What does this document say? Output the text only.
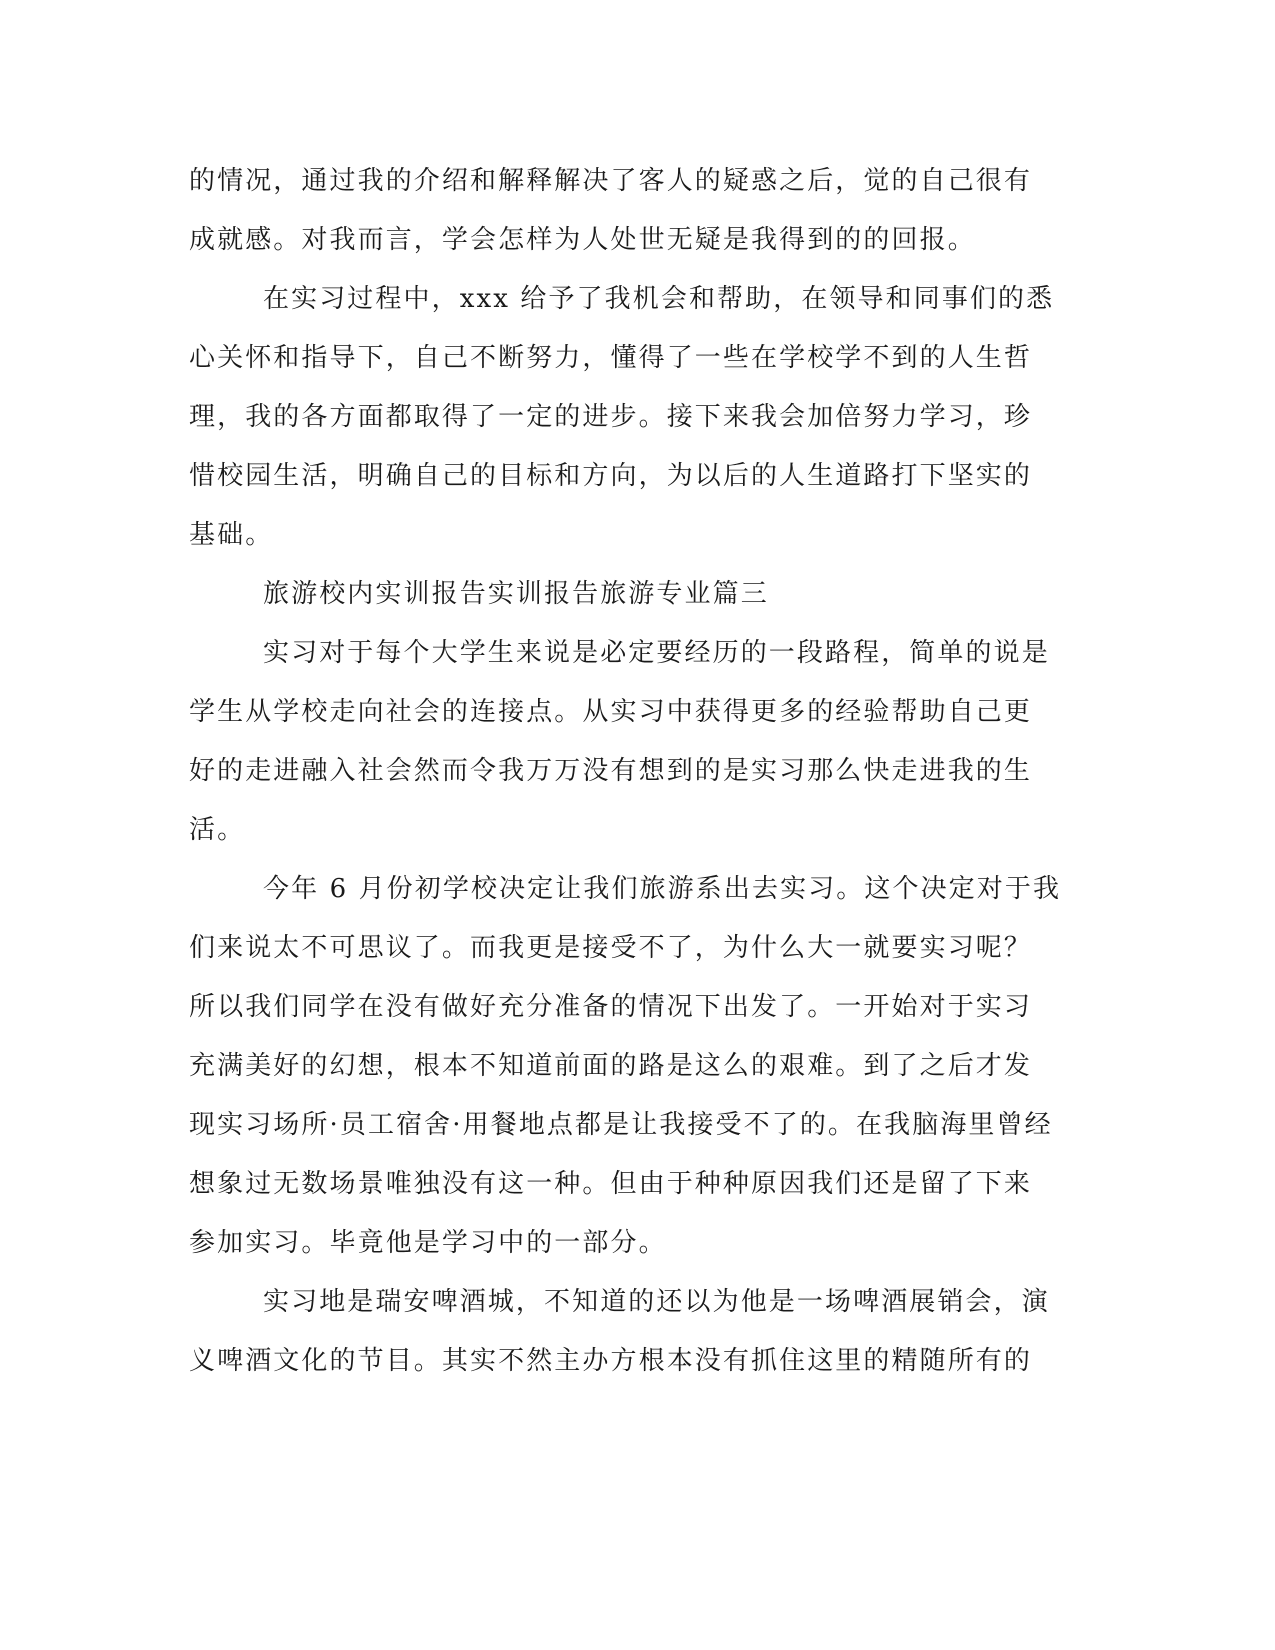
的情况，通过我的介绍和解释解决了客人的疑惑之后，觉的自己很有
成就感。对我而言，学会怎样为人处世无疑是我得到的的回报。
在实习过程中，xxx 给予了我机会和帮助，在领导和同事们的悉
心关怀和指导下，自己不断努力，懂得了一些在学校学不到的人生哲
理，我的各方面都取得了一定的进步。接下来我会加倍努力学习，珍
惜校园生活，明确自己的目标和方向，为以后的人生道路打下坚实的
基础。
旅游校内实训报告实训报告旅游专业篇三
实习对于每个大学生来说是必定要经历的一段路程，简单的说是
学生从学校走向社会的连接点。从实习中获得更多的经验帮助自己更
好的走进融入社会然而令我万万没有想到的是实习那么快走进我的生
活。
今年 6 月份初学校决定让我们旅游系出去实习。这个决定对于我
们来说太不可思议了。而我更是接受不了，为什么大一就要实习呢？
所以我们同学在没有做好充分准备的情况下出发了。一开始对于实习
充满美好的幻想，根本不知道前面的路是这么的艰难。到了之后才发
现实习场所·员工宿舍·用餐地点都是让我接受不了的。在我脑海里曾经
想象过无数场景唯独没有这一种。但由于种种原因我们还是留了下来
参加实习。毕竟他是学习中的一部分。
实习地是瑞安啤酒城，不知道的还以为他是一场啤酒展销会，演
义啤酒文化的节目。其实不然主办方根本没有抓住这里的精随所有的
